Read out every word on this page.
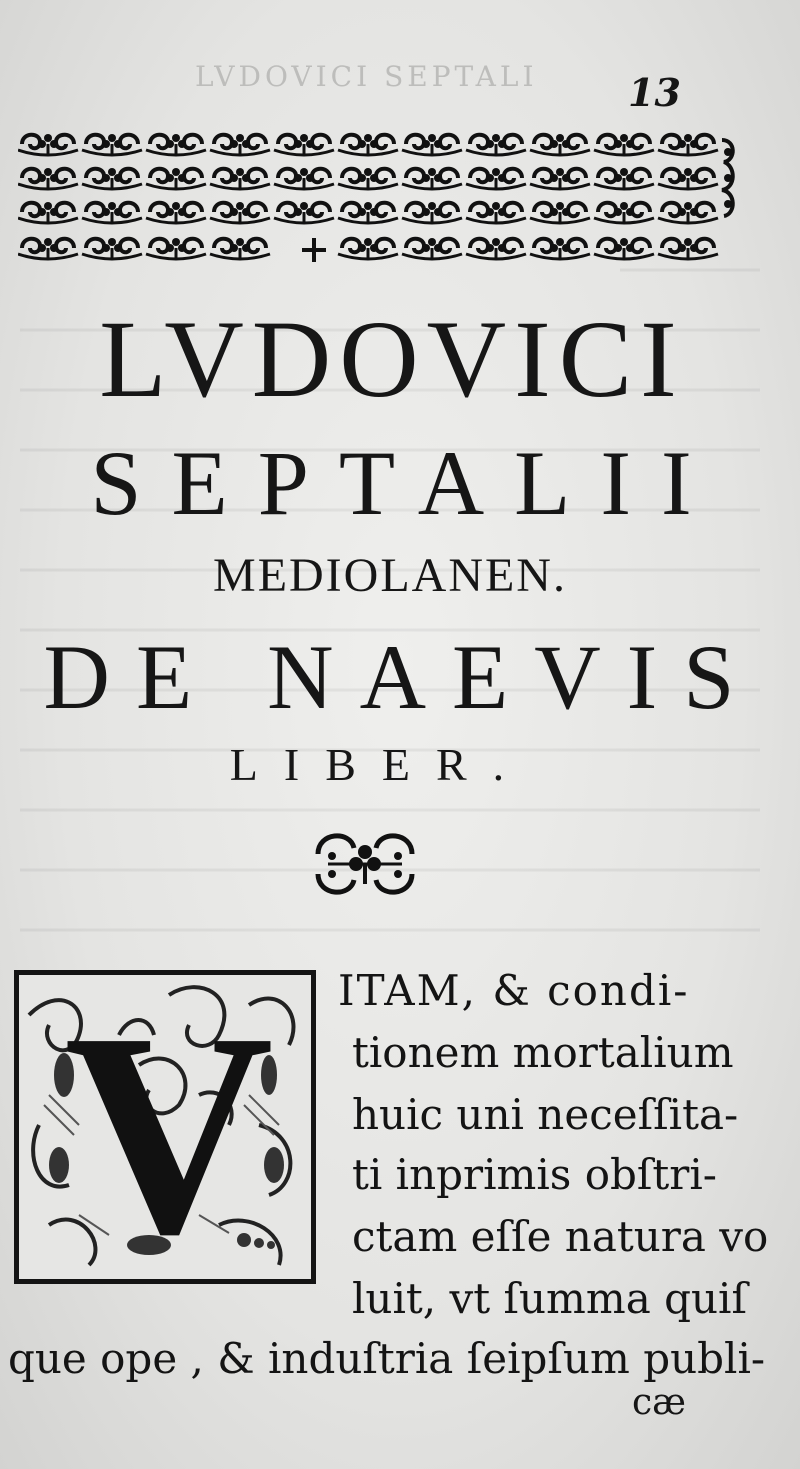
LVDOVICI SEPTALI	13
LVDOVICI
SEPTALII
MEDIOLANEN.
DE NAEVIS
LIBER.
V	ITAM, & condi-
tionem mortalium
huic uni neceſſita-
ti inprimis obſtri-
ctam eſſe natura vo
luit, vt ſumma quiſ
que ope , & induſtria ſeipſum publi-
cæ
